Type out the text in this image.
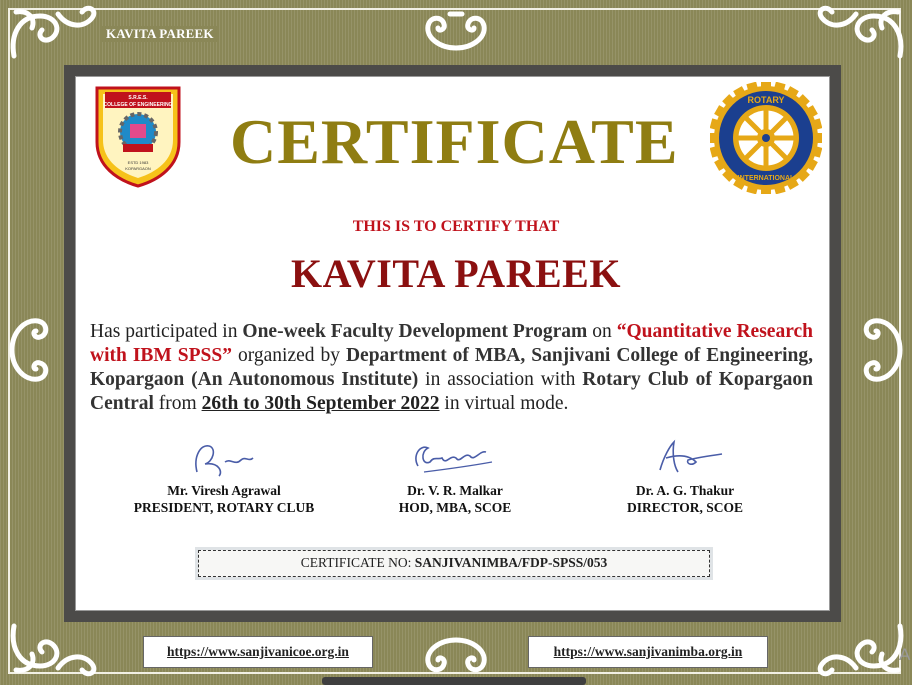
KAVITA PAREEK
S.R.E.S.
COLLEGE OF ENGINEERING
ESTD 1983
KOPARGAON CERTIFICATE
ROTARY
INTERNATIONAL
THIS IS TO CERTIFY THAT
KAVITA PAREEK
Has participated in One-week Faculty Development Program on “Quantitative Research with IBM SPSS” organized by Department of MBA, Sanjivani College of Engineering, Kopargaon (An Autonomous Institute) in association with Rotary Club of Kopargaon Central from 26th to 30th September 2022 in virtual mode.
Mr. Viresh Agrawal
PRESIDENT, ROTARY CLUB
Dr. V. R. Malkar
HOD, MBA, SCOE
Dr. A. G. Thakur
DIRECTOR, SCOE
CERTIFICATE NO: SANJIVANIMBA/FDP-SPSS/053
https://www.sanjivanicoe.org.in	https://www.sanjivanimba.org.in	A
